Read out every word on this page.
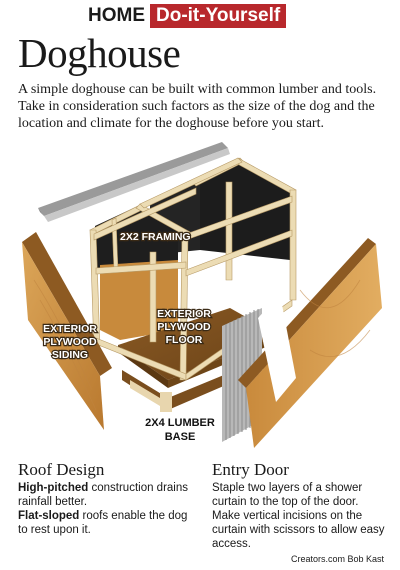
HOME Do-it-Yourself
Doghouse
A simple doghouse can be built with common lumber and tools. Take in consideration such factors as the size of the dog and the location and climate for the doghouse before you start.
2X2 FRAMING
EXTERIOR
PLYWOOD
SIDING
EXTERIOR
PLYWOOD
FLOOR
2X4 LUMBER
BASE
Roof Design
High-pitched construction drains rainfall better.
Flat-sloped roofs enable the dog to rest upon it.
Entry Door
Staple two layers of a shower curtain to the top of the door. Make vertical incisions on the curtain with scissors to allow easy access.
Creators.com Bob Kast
